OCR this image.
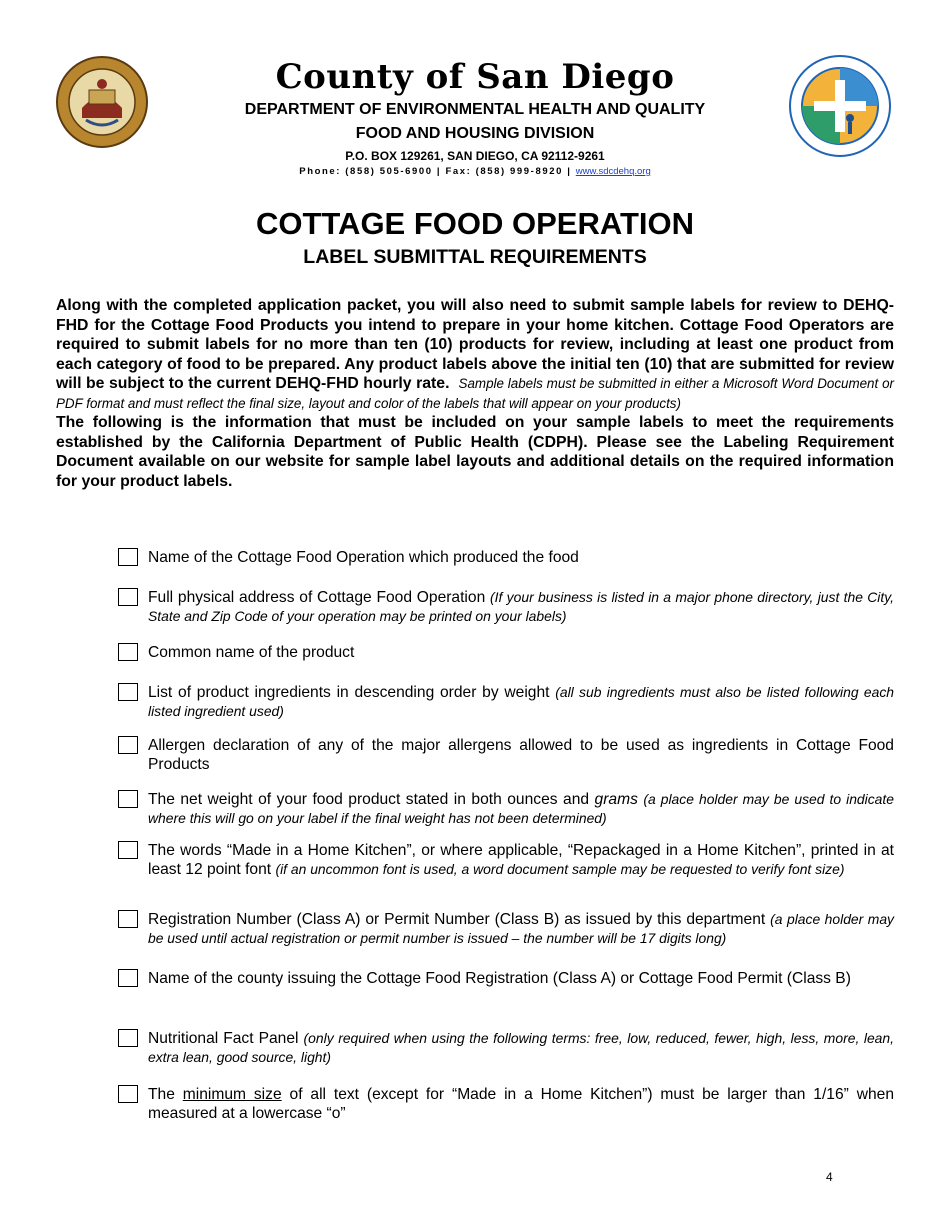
County of San Diego
DEPARTMENT OF ENVIRONMENTAL HEALTH AND QUALITY
FOOD AND HOUSING DIVISION
P.O. BOX 129261, SAN DIEGO, CA 92112-9261
Phone: (858) 505-6900 | Fax: (858) 999-8920 | www.sdcdehq.org
COTTAGE FOOD OPERATION
LABEL SUBMITTAL REQUIREMENTS

Along with the completed application packet, you will also need to submit sample labels for review to DEHQ-FHD for the Cottage Food Products you intend to prepare in your home kitchen. Cottage Food Operators are required to submit labels for no more than ten (10) products for review, including at least one product from each category of food to be prepared. Any product labels above the initial ten (10) that are submitted for review will be subject to the current DEHQ-FHD hourly rate. Sample labels must be submitted in either a Microsoft Word Document or PDF format and must reflect the final size, layout and color of the labels that will appear on your products)

The following is the information that must be included on your sample labels to meet the requirements established by the California Department of Public Health (CDPH). Please see the Labeling Requirement Document available on our website for sample label layouts and additional details on the required information for your product labels.

Name of the Cottage Food Operation which produced the food
Full physical address of Cottage Food Operation (If your business is listed in a major phone directory, just the City, State and Zip Code of your operation may be printed on your labels)
Common name of the product
List of product ingredients in descending order by weight (all sub ingredients must also be listed following each listed ingredient used)
Allergen declaration of any of the major allergens allowed to be used as ingredients in Cottage Food Products
The net weight of your food product stated in both ounces and grams (a place holder may be used to indicate where this will go on your label if the final weight has not been determined)
The words “Made in a Home Kitchen”, or where applicable, “Repackaged in a Home Kitchen”, printed in at least 12 point font (if an uncommon font is used, a word document sample may be requested to verify font size)
Registration Number (Class A) or Permit Number (Class B) as issued by this department (a place holder may be used until actual registration or permit number is issued – the number will be 17 digits long)
Name of the county issuing the Cottage Food Registration (Class A) or Cottage Food Permit (Class B)
Nutritional Fact Panel (only required when using the following terms: free, low, reduced, fewer, high, less, more, lean, extra lean, good source, light)
The minimum size of all text (except for “Made in a Home Kitchen”) must be larger than 1/16” when measured at a lowercase “o”
4
